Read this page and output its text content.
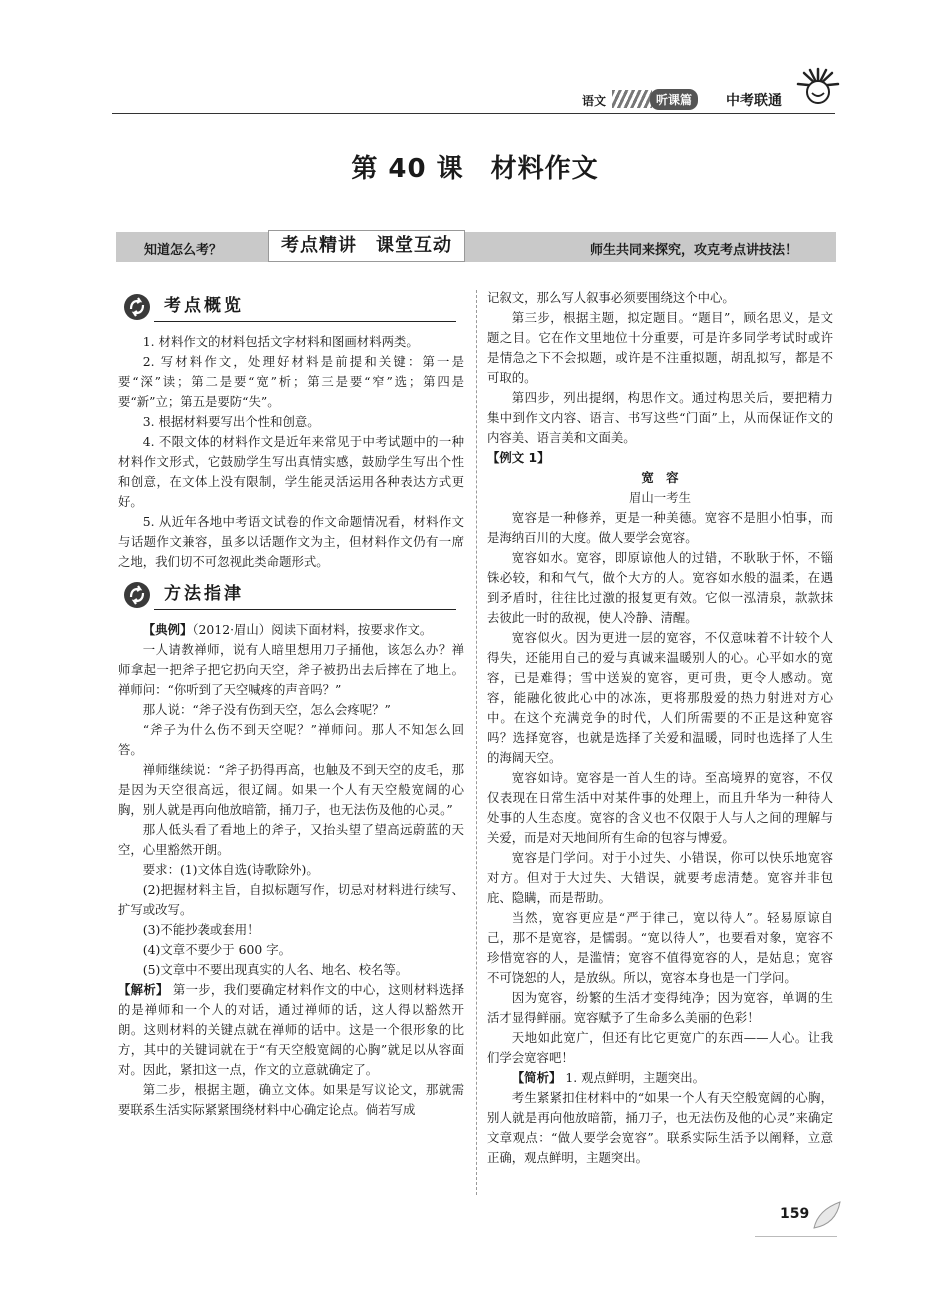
语文	听课篇	中考联通
第 40 课　材料作文
知道怎么考？	考点精讲　课堂互动	师生共同来探究，攻克考点讲技法！
考点概览

1. 材料作文的材料包括文字材料和图画材料两类。

2. 写材料作文，处理好材料是前提和关键：第一是要“深”读；第二是要“宽”析；第三是要“窄”选；第四是要“新”立；第五是要防“失”。

3. 根据材料要写出个性和创意。

4. 不限文体的材料作文是近年来常见于中考试题中的一种材料作文形式，它鼓励学生写出真情实感，鼓励学生写出个性和创意，在文体上没有限制，学生能灵活运用各种表达方式更好。

5. 从近年各地中考语文试卷的作文命题情况看，材料作文与话题作文兼容，虽多以话题作文为主，但材料作文仍有一席之地，我们切不可忽视此类命题形式。

方法指津

【典例】（2012·眉山）阅读下面材料，按要求作文。

一人请教禅师，说有人暗里想用刀子捅他，该怎么办？禅师拿起一把斧子把它扔向天空，斧子被扔出去后摔在了地上。禅师问：“你听到了天空喊疼的声音吗？”

那人说：“斧子没有伤到天空，怎么会疼呢？”

“斧子为什么伤不到天空呢？”禅师问。那人不知怎么回答。

禅师继续说：“斧子扔得再高，也触及不到天空的皮毛，那是因为天空很高远，很辽阔。如果一个人有天空般宽阔的心胸，别人就是再向他放暗箭，捅刀子，也无法伤及他的心灵。”

那人低头看了看地上的斧子，又抬头望了望高远蔚蓝的天空，心里豁然开朗。

要求：(1)文体自选(诗歌除外)。

(2)把握材料主旨，自拟标题写作，切忌对材料进行续写、扩写或改写。

(3)不能抄袭或套用！

(4)文章不要少于 600 字。

(5)文章中不要出现真实的人名、地名、校名等。

【解析】 第一步，我们要确定材料作文的中心，这则材料选择的是禅师和一个人的对话，通过禅师的话，这人得以豁然开朗。这则材料的关键点就在禅师的话中。这是一个很形象的比方，其中的关键词就在于“有天空般宽阔的心胸”就足以从容面对。因此，紧扣这一点，作文的立意就确定了。

第二步，根据主题，确立文体。如果是写议论文，那就需要联系生活实际紧紧围绕材料中心确定论点。倘若写成

记叙文，那么写人叙事必须要围绕这个中心。

第三步，根据主题，拟定题目。“题目”，顾名思义，是文题之目。它在作文里地位十分重要，可是许多同学考试时或许是情急之下不会拟题，或许是不注重拟题，胡乱拟写，都是不可取的。

第四步，列出提纲，构思作文。通过构思关后，要把精力集中到作文内容、语言、书写这些“门面”上，从而保证作文的内容美、语言美和文面美。

【例文 1】

宽　容

眉山一考生

宽容是一种修养，更是一种美德。宽容不是胆小怕事，而是海纳百川的大度。做人要学会宽容。

宽容如水。宽容，即原谅他人的过错，不耿耿于怀，不锱铢必较，和和气气，做个大方的人。宽容如水般的温柔，在遇到矛盾时，往往比过激的报复更有效。它似一泓清泉，款款抹去彼此一时的敌视，使人冷静、清醒。

宽容似火。因为更进一层的宽容，不仅意味着不计较个人得失，还能用自己的爱与真诚来温暖别人的心。心平如水的宽容，已是难得；雪中送炭的宽容，更可贵，更令人感动。宽容，能融化彼此心中的冰冻，更将那殷爱的热力射进对方心中。在这个充满竞争的时代，人们所需要的不正是这种宽容吗？选择宽容，也就是选择了关爱和温暖，同时也选择了人生的海阔天空。

宽容如诗。宽容是一首人生的诗。至高境界的宽容，不仅仅表现在日常生活中对某件事的处理上，而且升华为一种待人处事的人生态度。宽容的含义也不仅限于人与人之间的理解与关爱，而是对天地间所有生命的包容与博爱。

宽容是门学问。对于小过失、小错误，你可以快乐地宽容对方。但对于大过失、大错误，就要考虑清楚。宽容并非包庇、隐瞒，而是帮助。

当然，宽容更应是“严于律己，宽以待人”。轻易原谅自己，那不是宽容，是懦弱。“宽以待人”，也要看对象，宽容不珍惜宽容的人，是滥情；宽容不值得宽容的人，是姑息；宽容不可饶恕的人，是放纵。所以，宽容本身也是一门学问。

因为宽容，纷繁的生活才变得纯净；因为宽容，单调的生活才显得鲜丽。宽容赋予了生命多么美丽的色彩！

天地如此宽广，但还有比它更宽广的东西——人心。让我们学会宽容吧！

【简析】 1. 观点鲜明，主题突出。

考生紧紧扣住材料中的“如果一个人有天空般宽阔的心胸，别人就是再向他放暗箭，捅刀子，也无法伤及他的心灵”来确定文章观点：“做人要学会宽容”。联系实际生活予以阐释，立意正确，观点鲜明，主题突出。

159
